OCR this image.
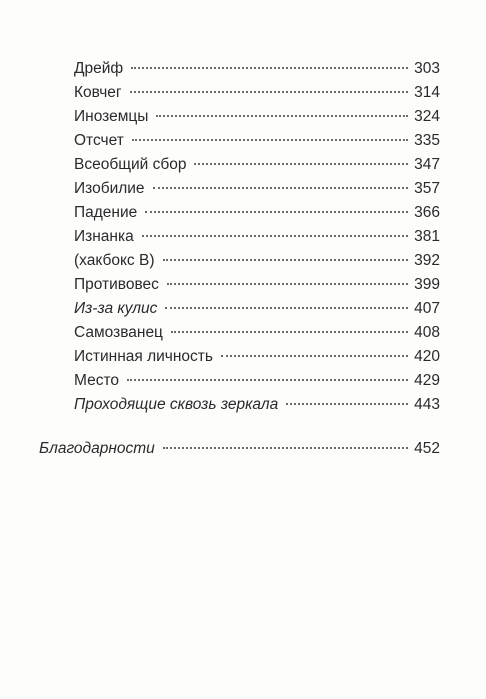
Дрейф	303
Ковчег	314
Иноземцы	324
Отсчет	335
Всеобщий сбор	347
Изобилие	357
Падение	366
Изнанка	381
(хакбокс B)	392
Противовес	399
Из-за кулис	407
Самозванец	408
Истинная личность	420
Место	429
Проходящие сквозь зеркала	443
Благодарности	452
